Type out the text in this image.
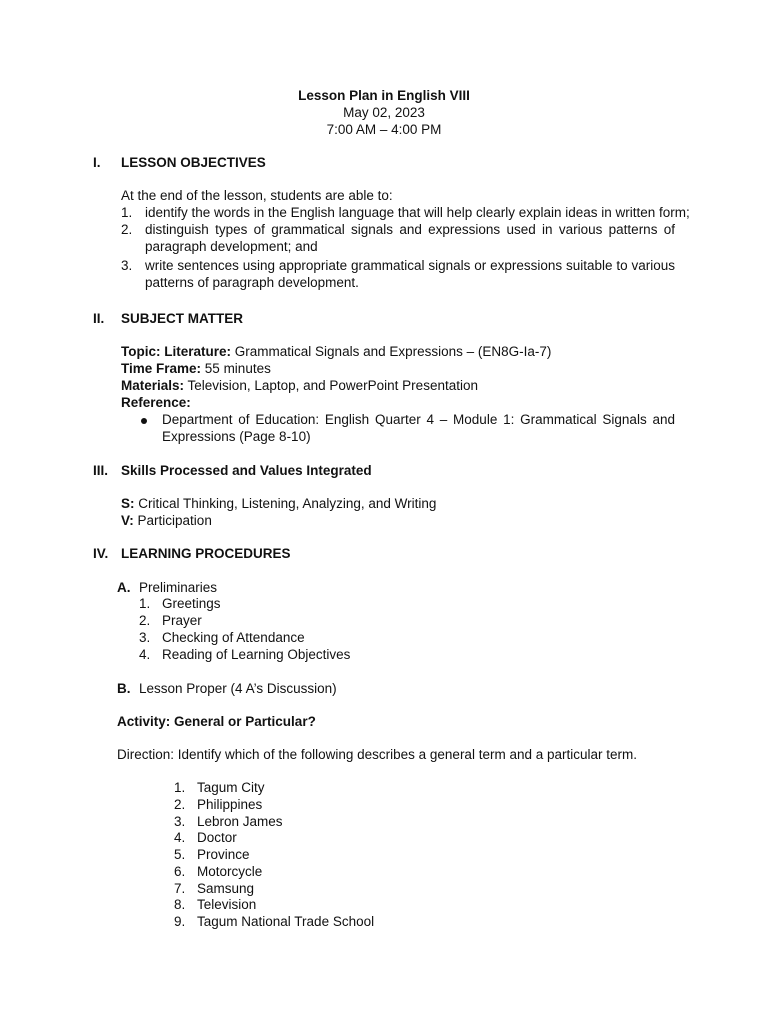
Lesson Plan in English VIII
May 02, 2023
7:00 AM – 4:00 PM
I. LESSON OBJECTIVES
At the end of the lesson, students are able to:
1. identify the words in the English language that will help clearly explain ideas in written form;
2. distinguish types of grammatical signals and expressions used in various patterns of
paragraph development; and
3. write sentences using appropriate grammatical signals or expressions suitable to various
patterns of paragraph development.
II. SUBJECT MATTER
Topic: Literature: Grammatical Signals and Expressions – (EN8G-Ia-7)
Time Frame: 55 minutes
Materials: Television, Laptop, and PowerPoint Presentation
Reference:
Department of Education: English Quarter 4 – Module 1: Grammatical Signals and
Expressions (Page 8-10)
III. Skills Processed and Values Integrated
S: Critical Thinking, Listening, Analyzing, and Writing
V: Participation
IV. LEARNING PROCEDURES
A. Preliminaries
1. Greetings
2. Prayer
3. Checking of Attendance
4. Reading of Learning Objectives
B. Lesson Proper (4 A’s Discussion)
Activity: General or Particular?
Direction: Identify which of the following describes a general term and a particular term.
1. Tagum City
2. Philippines
3. Lebron James
4. Doctor
5. Province
6. Motorcycle
7. Samsung
8. Television
9. Tagum National Trade School
